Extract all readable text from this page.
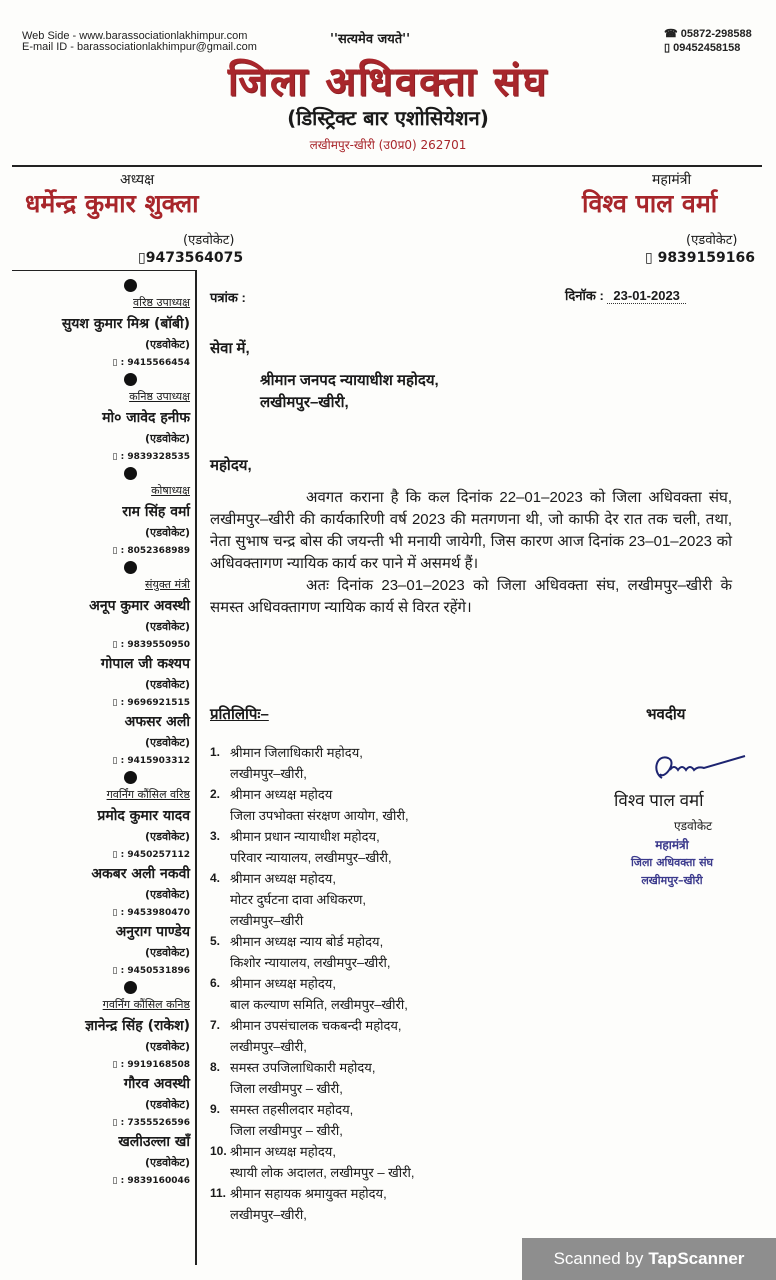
Web Side - www.barassociationlakhimpur.com
E-mail ID - barassociationlakhimpur@gmail.com	''सत्यमेव जयते''	☎ 05872-298588
▯ 09452458158
जिला अधिवक्ता संघ
(डिस्ट्रिक्ट बार एशोसियेशन)
लखीमपुर-खीरी (उ0प्र0) 262701
अध्यक्ष
धर्मेन्द्र कुमार शुक्ला
(एडवोकेट)
▯9473564075
महामंत्री
विश्व पाल वर्मा
(एडवोकेट)
▯ 9839159166
वरिष्ठ उपाध्यक्ष
सुयश कुमार मिश्र (बॉबी)
(एडवोकेट)
▯ : 9415566454
कनिष्ठ उपाध्यक्ष
मो० जावेद हनीफ
(एडवोकेट)
▯ : 9839328535
कोषाध्यक्ष
राम सिंह वर्मा
(एडवोकेट)
▯ : 8052368989
संयुक्त मंत्री
अनूप कुमार अवस्थी
(एडवोकेट)
▯ : 9839550950
गोपाल जी कश्यप
(एडवोकेट)
▯ : 9696921515
अफसर अली
(एडवोकेट)
▯ : 9415903312
गवर्निंग कौंसिल वरिष्ठ
प्रमोद कुमार यादव
(एडवोकेट)
▯ : 9450257112
अकबर अली नकवी
(एडवोकेट)
▯ : 9453980470
अनुराग पाण्डेय
(एडवोकेट)
▯ : 9450531896
गवर्निंग कौंसिल कनिष्ठ
ज्ञानेन्द्र सिंह (राकेश)
(एडवोकेट)
▯ : 9919168508
गौरव अवस्थी
(एडवोकेट)
▯ : 7355526596
खलीउल्ला खॉं
(एडवोकेट)
▯ : 9839160046
पत्रांक :	दिनॉक : 23-01-2023
सेवा में,
श्रीमान जनपद न्यायाधीश महोदय,
लखीमपुर–खीरी,
महोदय,

अवगत कराना है कि कल दिनांक 22–01–2023 को जिला अधिवक्ता संघ, लखीमपुर–खीरी की कार्यकारिणी वर्ष 2023 की मतगणना थी, जो काफी देर रात तक चली, तथा, नेता सुभाष चन्द्र बोस की जयन्ती भी मनायी जायेगी, जिस कारण आज दिनांक 23–01–2023 को अधिवक्तागण न्यायिक कार्य कर पाने में असमर्थ हैं।

अतः दिनांक 23–01–2023 को जिला अधिवक्ता संघ, लखीमपुर–खीरी के समस्त अधिवक्तागण न्यायिक कार्य से विरत रहेंगे।

प्रतिलिपिः–
1. श्रीमान जिलाधिकारी महोदय,
लखीमपुर–खीरी,
2. श्रीमान अध्यक्ष महोदय
जिला उपभोक्ता संरक्षण आयोग, खीरी,
3. श्रीमान प्रधान न्यायाधीश महोदय,
परिवार न्यायालय, लखीमपुर–खीरी,
4. श्रीमान अध्यक्ष महोदय,
मोटर दुर्घटना दावा अधिकरण,
लखीमपुर–खीरी
5. श्रीमान अध्यक्ष न्याय बोर्ड महोदय,
किशोर न्यायालय, लखीमपुर–खीरी,
6. श्रीमान अध्यक्ष महोदय,
बाल कल्याण समिति, लखीमपुर–खीरी,
7. श्रीमान उपसंचालक चकबन्दी महोदय,
लखीमपुर–खीरी,
8. समस्त उपजिलाधिकारी महोदय,
जिला लखीमपुर – खीरी,
9. समस्त तहसीलदार महोदय,
जिला लखीमपुर – खीरी,
10. श्रीमान अध्यक्ष महोदय,
स्थायी लोक अदालत, लखीमपुर – खीरी,
11. श्रीमान सहायक श्रमायुक्त महोदय,
लखीमपुर–खीरी,
भवदीय
विश्व पाल वर्मा
एडवोकेट
महामंत्री
जिला अधिवक्ता संघ
लखीमपुर–खीरी
Scanned by TapScanner
